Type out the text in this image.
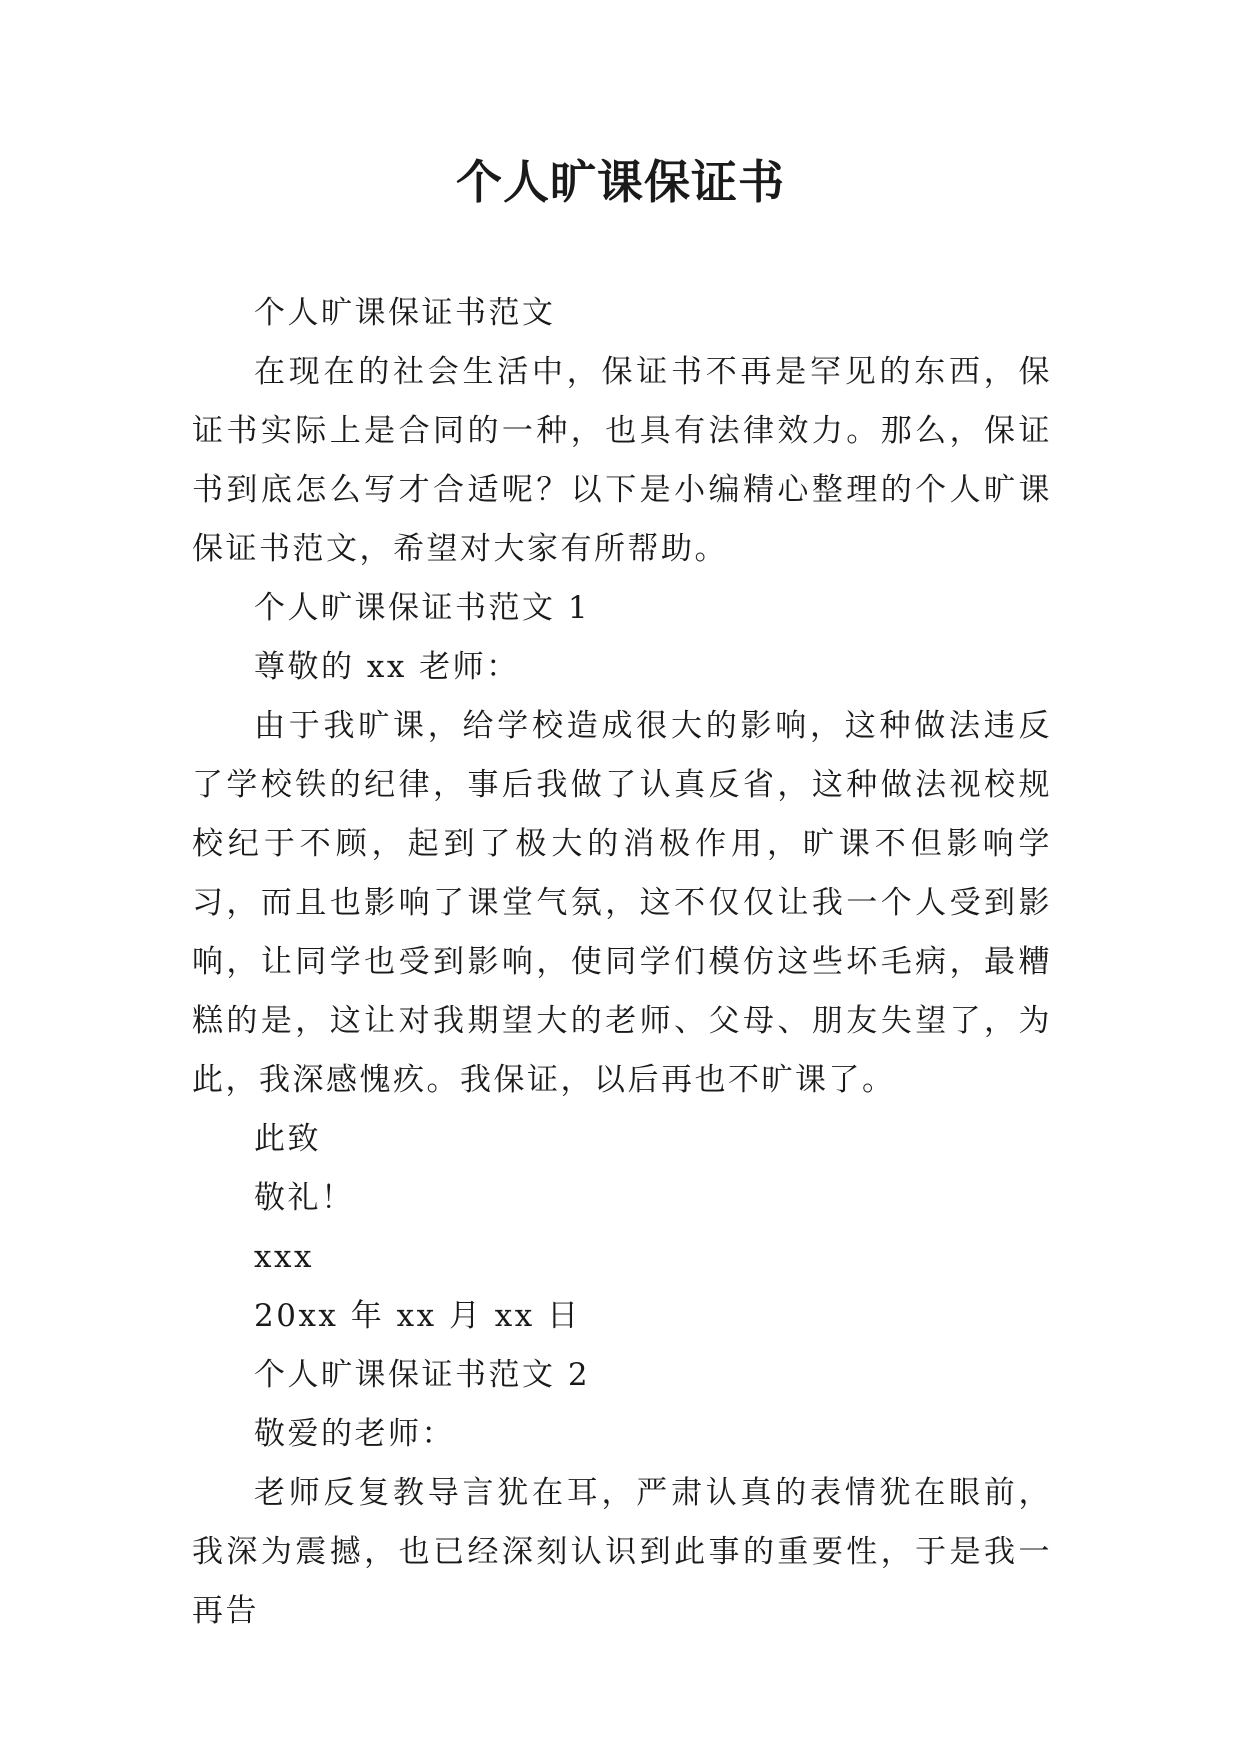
个人旷课保证书

个人旷课保证书范文

在现在的社会生活中，保证书不再是罕见的东西，保证书实际上是合同的一种，也具有法律效力。那么，保证书到底怎么写才合适呢？以下是小编精心整理的个人旷课保证书范文，希望对大家有所帮助。

个人旷课保证书范文 1

尊敬的 xx 老师：

由于我旷课，给学校造成很大的影响，这种做法违反了学校铁的纪律，事后我做了认真反省，这种做法视校规校纪于不顾，起到了极大的消极作用，旷课不但影响学习，而且也影响了课堂气氛，这不仅仅让我一个人受到影响，让同学也受到影响，使同学们模仿这些坏毛病，最糟糕的是，这让对我期望大的老师、父母、朋友失望了，为此，我深感愧疚。我保证，以后再也不旷课了。

此致

敬礼！

xxx

20xx 年 xx 月 xx 日

个人旷课保证书范文 2

敬爱的老师：

老师反复教导言犹在耳，严肃认真的表情犹在眼前，我深为震撼，也已经深刻认识到此事的重要性，于是我一再告
